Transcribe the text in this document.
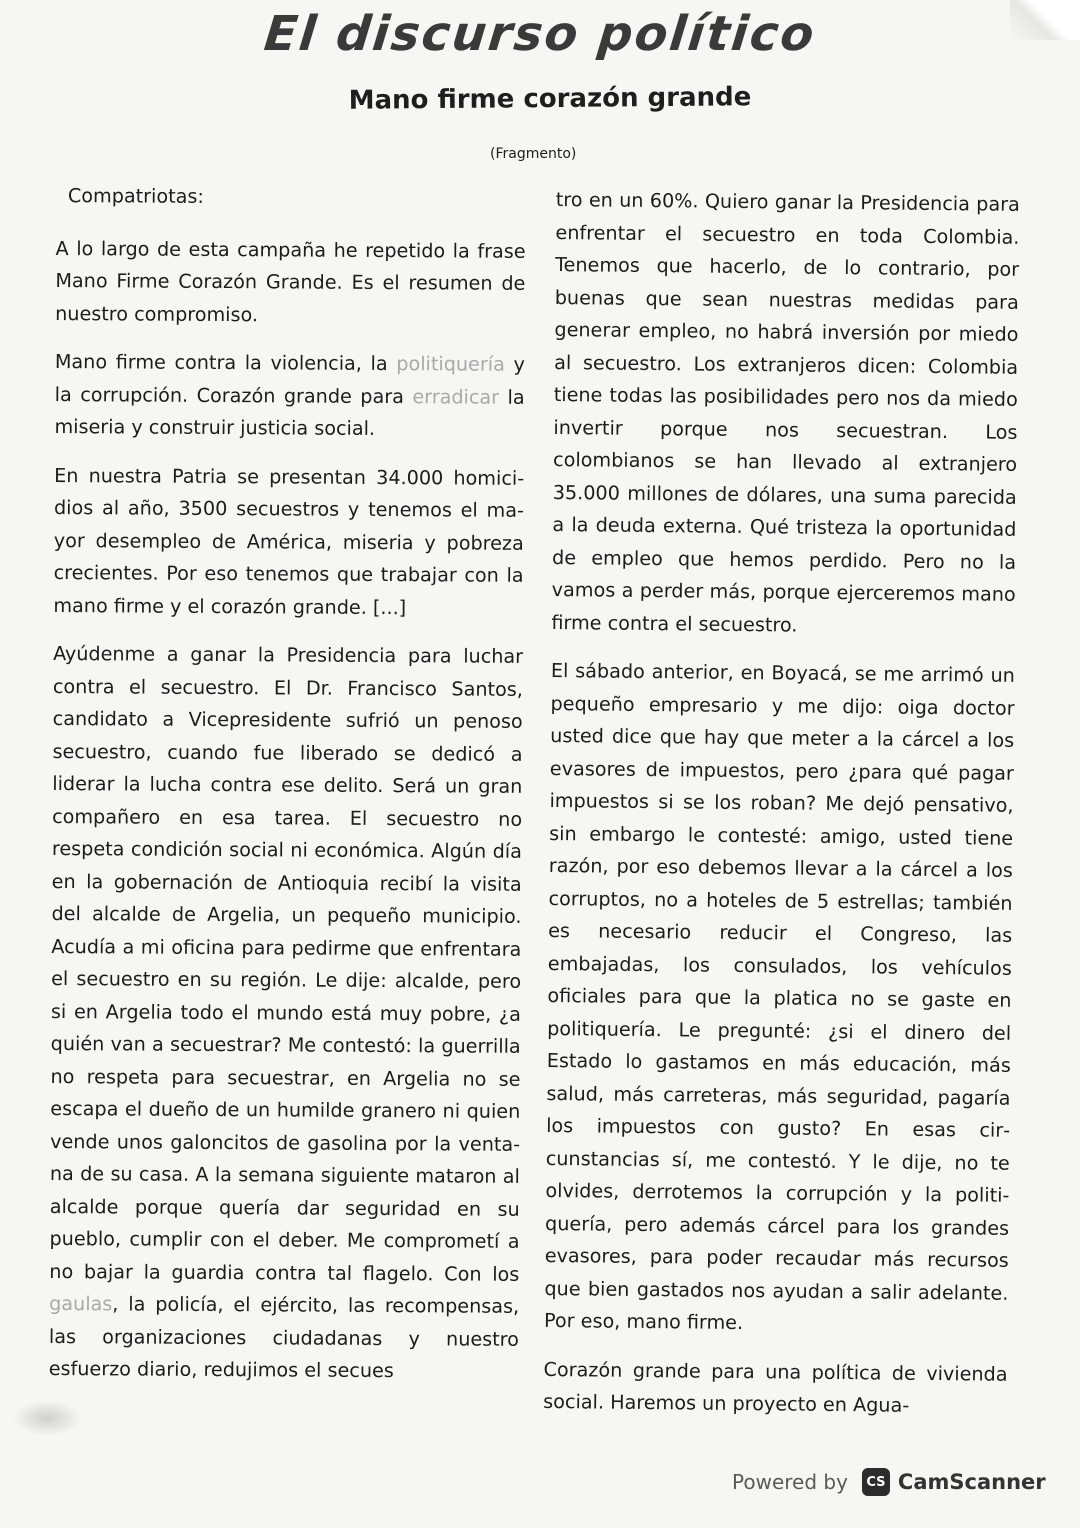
El discurso político
Mano firme corazón grande
(Fragmento)

Compatriotas:

A lo largo de esta campaña he repetido la frase Mano Firme Corazón Grande. Es el resumen de nuestro compromiso.

Mano firme contra la violencia, la politiquería y la corrupción. Corazón grande para erradicar la miseria y construir justicia social.

En nuestra Patria se presentan 34.000 homicidios al año, 3500 secuestros y tenemos el mayor desempleo de América, miseria y pobreza crecientes. Por eso tenemos que trabajar con la mano firme y el corazón grande. [...]

Ayúdenme a ganar la Presidencia para luchar contra el secuestro. El Dr. Francisco Santos, candidato a Vicepresidente sufrió un penoso secuestro, cuando fue liberado se dedicó a liderar la lucha contra ese delito. Será un gran compañero en esa tarea. El secuestro no respeta condición social ni económica. Algún día en la gobernación de Antioquia recibí la visita del alcalde de Argelia, un pequeño municipio. Acudía a mi oficina para pedirme que enfrentara el secuestro en su región. Le dije: alcalde, pero si en Argelia todo el mundo está muy pobre, ¿a quién van a secuestrar? Me contestó: la guerrilla no respeta para secuestrar, en Argelia no se escapa el dueño de un humilde granero ni quien vende unos galoncitos de gasolina por la ventana de su casa. A la semana siguiente mataron al alcalde porque quería dar seguridad en su pueblo, cumplir con el deber. Me comprometí a no bajar la guardia contra tal flagelo. Con los gaulas, la policía, el ejército, las recompensas, las organizaciones ciudadanas y nuestro esfuerzo diario, redujimos el secues

tro en un 60%. Quiero ganar la Presidencia para enfrentar el secuestro en toda Colombia. Tenemos que hacerlo, de lo contrario, por buenas que sean nuestras medidas para generar empleo, no habrá inversión por miedo al secuestro. Los extranjeros dicen: Colombia tiene todas las posibilidades pero nos da miedo invertir porque nos secuestran. Los colombianos se han llevado al extranjero 35.000 millones de dólares, una suma parecida a la deuda externa. Qué tristeza la oportunidad de empleo que hemos perdido. Pero no la vamos a perder más, porque ejerceremos mano firme contra el secuestro.

El sábado anterior, en Boyacá, se me arrimó un pequeño empresario y me dijo: oiga doctor usted dice que hay que meter a la cárcel a los evasores de impuestos, pero ¿para qué pagar impuestos si se los roban? Me dejó pensativo, sin embargo le contesté: amigo, usted tiene razón, por eso debemos llevar a la cárcel a los corruptos, no a hoteles de 5 estrellas; también es necesario reducir el Congreso, las embajadas, los consulados, los vehículos oficiales para que la platica no se gaste en politiquería. Le pregunté: ¿si el dinero del Estado lo gastamos en más educación, más salud, más carreteras, más seguridad, pagaría los impuestos con gusto? En esas circunstancias sí, me contestó. Y le dije, no te olvides, derrotemos la corrupción y la politiquería, pero además cárcel para los grandes evasores, para poder recaudar más recursos que bien gastados nos ayudan a salir adelante. Por eso, mano firme.

Corazón grande para una política de vivienda social. Haremos un proyecto en Agua-

Powered by	CS CamScanner
